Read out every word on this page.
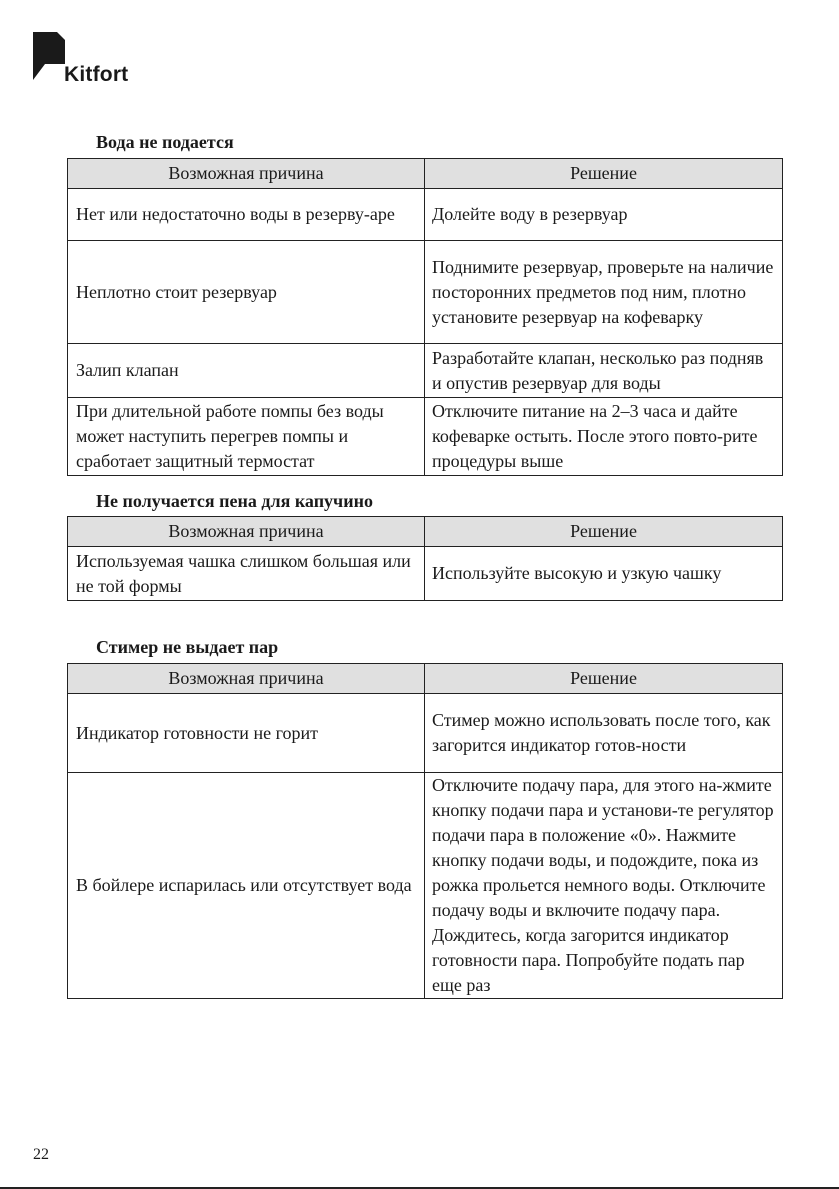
Kitfort
Вода не подается
Возможная причина	Решение
Нет или недостаточно воды в резерву-аре	Долейте воду в резервуар
Неплотно стоит резервуар	Поднимите резервуар, проверьте на наличие посторонних предметов под ним, плотно установите резервуар на кофеварку
Залип клапан	Разработайте клапан, несколько раз подняв и опустив резервуар для воды
При длительной работе помпы без воды может наступить перегрев помпы и сработает защитный термостат	Отключите питание на 2–3 часа и дайте кофеварке остыть. После этого повто-рите процедуры выше
Не получается пена для капучино
Возможная причина	Решение
Используемая чашка слишком большая или не той формы	Используйте высокую и узкую чашку
Стимер не выдает пар
Возможная причина	Решение
Индикатор готовности не горит	Стимер можно использовать после того, как загорится индикатор готов-ности
В бойлере испарилась или отсутствует вода	Отключите подачу пара, для этого на-жмите кнопку подачи пара и установи-те регулятор подачи пара в положение «0». Нажмите кнопку подачи воды, и подождите, пока из рожка прольется немного воды. Отключите подачу воды и включите подачу пара. Дождитесь, когда загорится индикатор готовности пара. Попробуйте подать пар еще раз
22
